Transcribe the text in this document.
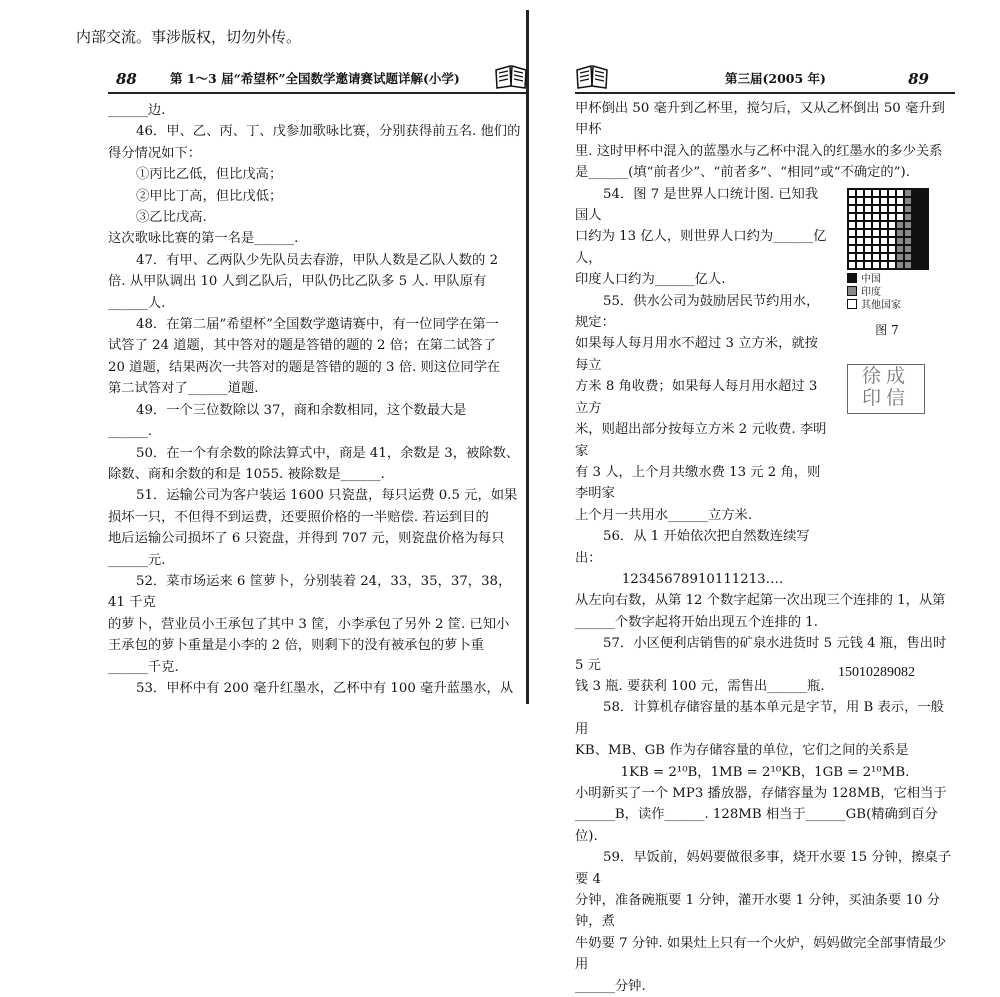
内部交流。事涉版权，切勿外传。
88	第 1～3 届“希望杯”全国数学邀请赛试题详解(小学)

______边.

46．甲、乙、丙、丁、戊参加歌咏比赛，分别获得前五名. 他们的

得分情况如下：

①丙比乙低，但比戊高；

②甲比丁高，但比戊低；

③乙比戊高.

这次歌咏比赛的第一名是______.

47．有甲、乙两队少先队员去春游，甲队人数是乙队人数的 2

倍. 从甲队调出 10 人到乙队后，甲队仍比乙队多 5 人. 甲队原有

______人.

48．在第二届“希望杯”全国数学邀请赛中，有一位同学在第一

试答了 24 道题，其中答对的题是答错的题的 2 倍；在第二试答了

20 道题，结果两次一共答对的题是答错的题的 3 倍. 则这位同学在

第二试答对了______道题.

49．一个三位数除以 37，商和余数相同，这个数最大是

______.

50．在一个有余数的除法算式中，商是 41，余数是 3，被除数、

除数、商和余数的和是 1055. 被除数是______.

51．运输公司为客户装运 1600 只瓷盘，每只运费 0.5 元，如果

损坏一只，不但得不到运费，还要照价格的一半赔偿. 若运到目的

地后运输公司损坏了 6 只瓷盘，并得到 707 元，则瓷盘价格为每只

______元.

52．菜市场运来 6 筐萝卜，分别装着 24，33，35，37，38，41 千克

的萝卜，营业员小王承包了其中 3 筐，小李承包了另外 2 筐. 已知小

王承包的萝卜重量是小李的 2 倍，则剩下的没有被承包的萝卜重

______千克.

53．甲杯中有 200 毫升红墨水，乙杯中有 100 毫升蓝墨水，从

第三届(2005 年)	89

甲杯倒出 50 毫升到乙杯里，搅匀后，又从乙杯倒出 50 毫升到甲杯

里. 这时甲杯中混入的蓝墨水与乙杯中混入的红墨水的多少关系

是______(填“前者少”、“前者多”、“相同”或“不确定的”).

54．图 7 是世界人口统计图. 已知我国人

口约为 13 亿人，则世界人口约为______亿人，

印度人口约为______亿人.

55．供水公司为鼓励居民节约用水，规定：

如果每人每月用水不超过 3 立方米，就按每立

方米 8 角收费；如果每人每月用水超过 3 立方

米，则超出部分按每立方米 2 元收费. 李明家

有 3 人，上个月共缴水费 13 元 2 角，则李明家

上个月一共用水______立方米.

56．从 1 开始依次把自然数连续写出：

12345678910111213….

从左向右数，从第 12 个数字起第一次出现三个连排的 1，从第

______个数字起将开始出现五个连排的 1.

57．小区便利店销售的矿泉水进货时 5 元钱 4 瓶，售出时 5 元

钱 3 瓶. 要获利 100 元，需售出______瓶.

58．计算机存储容量的基本单元是字节，用 B 表示，一般用

KB、MB、GB 作为存储容量的单位，它们之间的关系是

1KB = 2¹⁰B，1MB = 2¹⁰KB，1GB = 2¹⁰MB.

小明新买了一个 MP3 播放器，存储容量为 128MB，它相当于

______B，读作______. 128MB 相当于______GB(精确到百分位).

59．早饭前，妈妈要做很多事，烧开水要 15 分钟，擦桌子要 4

分钟，准备碗瓶要 1 分钟，灌开水要 1 分钟，买油条要 10 分钟，煮

牛奶要 7 分钟. 如果灶上只有一个火炉，妈妈做完全部事情最少用

______分钟.

中国
印度
其他国家
图 7
徐成
印信
15010289082
